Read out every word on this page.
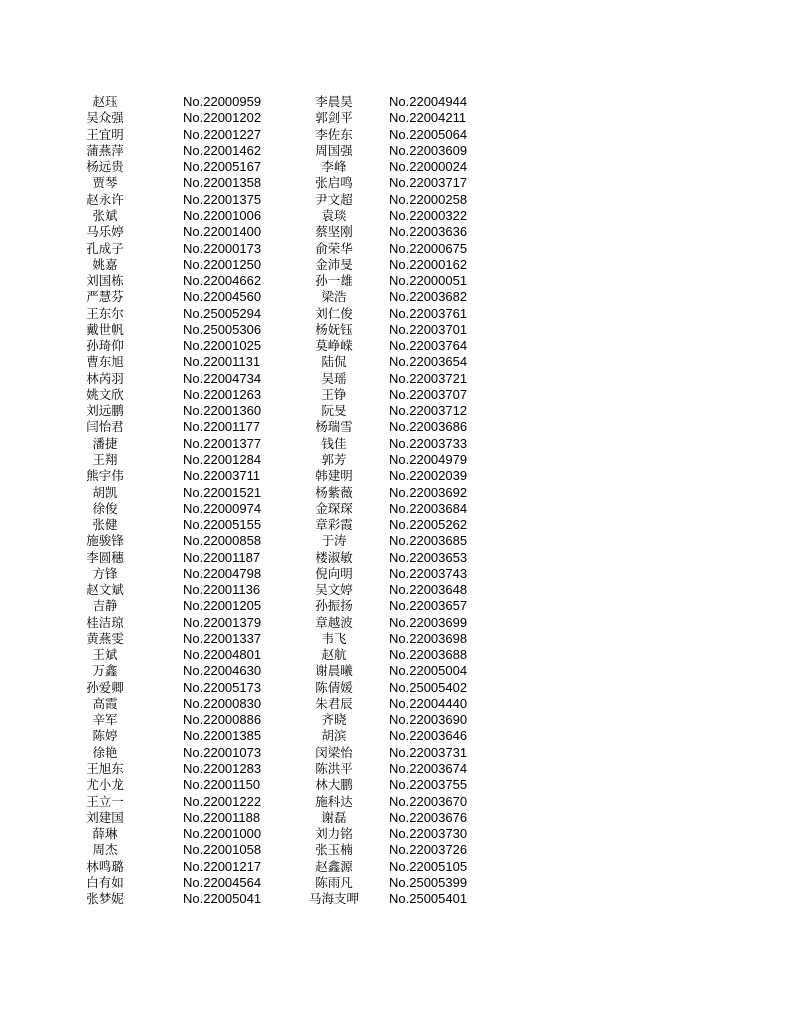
赵珏	No.22000959	李晨昊	No.22004944
吴众强	No.22001202	郭剑平	No.22004211
王宜明	No.22001227	李佐东	No.22005064
蒲燕萍	No.22001462	周国强	No.22003609
杨远贵	No.22005167	李峰	No.22000024
贾琴	No.22001358	张启鸣	No.22003717
赵永许	No.22001375	尹文超	No.22000258
张斌	No.22001006	袁琰	No.22000322
马乐婷	No.22001400	蔡坚刚	No.22003636
孔成子	No.22000173	俞荣华	No.22000675
姚嘉	No.22001250	金沛旻	No.22000162
刘国栋	No.22004662	孙一雄	No.22000051
严慧芬	No.22004560	梁浩	No.22003682
王东尔	No.25005294	刘仁俊	No.22003761
戴世帆	No.25005306	杨妩钰	No.22003701
孙琦仰	No.22001025	莫峥嵘	No.22003764
曹东旭	No.22001131	陆侃	No.22003654
林芮羽	No.22004734	吴瑶	No.22003721
姚文欣	No.22001263	王铮	No.22003707
刘远鹏	No.22001360	阮旻	No.22003712
闫怡君	No.22001177	杨瑞雪	No.22003686
潘捷	No.22001377	钱佳	No.22003733
王翔	No.22001284	郭芳	No.22004979
熊宇伟	No.22003711	韩建明	No.22002039
胡凯	No.22001521	杨紫薇	No.22003692
徐俊	No.22000974	金琛琛	No.22003684
张健	No.22005155	章彩霞	No.22005262
施骏锋	No.22000858	于涛	No.22003685
李圆穗	No.22001187	楼淑敏	No.22003653
方锋	No.22004798	倪向明	No.22003743
赵文斌	No.22001136	吴文婷	No.22003648
吉静	No.22001205	孙振扬	No.22003657
桂洁琼	No.22001379	章越波	No.22003699
黄燕雯	No.22001337	韦飞	No.22003698
王斌	No.22004801	赵航	No.22003688
万鑫	No.22004630	谢晨曦	No.22005004
孙爱卿	No.22005173	陈倩媛	No.25005402
高霞	No.22000830	朱君辰	No.22004440
辛军	No.22000886	齐晓	No.22003690
陈婷	No.22001385	胡滨	No.22003646
徐艳	No.22001073	闵梁怡	No.22003731
王旭东	No.22001283	陈洪平	No.22003674
尤小龙	No.22001150	林大鹏	No.22003755
王立一	No.22001222	施科达	No.22003670
刘建国	No.22001188	谢磊	No.22003676
薛琳	No.22001000	刘力铭	No.22003730
周杰	No.22001058	张玉楠	No.22003726
林鸣璐	No.22001217	赵鑫源	No.22005105
白有如	No.22004564	陈雨凡	No.25005399
张梦妮	No.22005041	马海支呷	No.25005401
